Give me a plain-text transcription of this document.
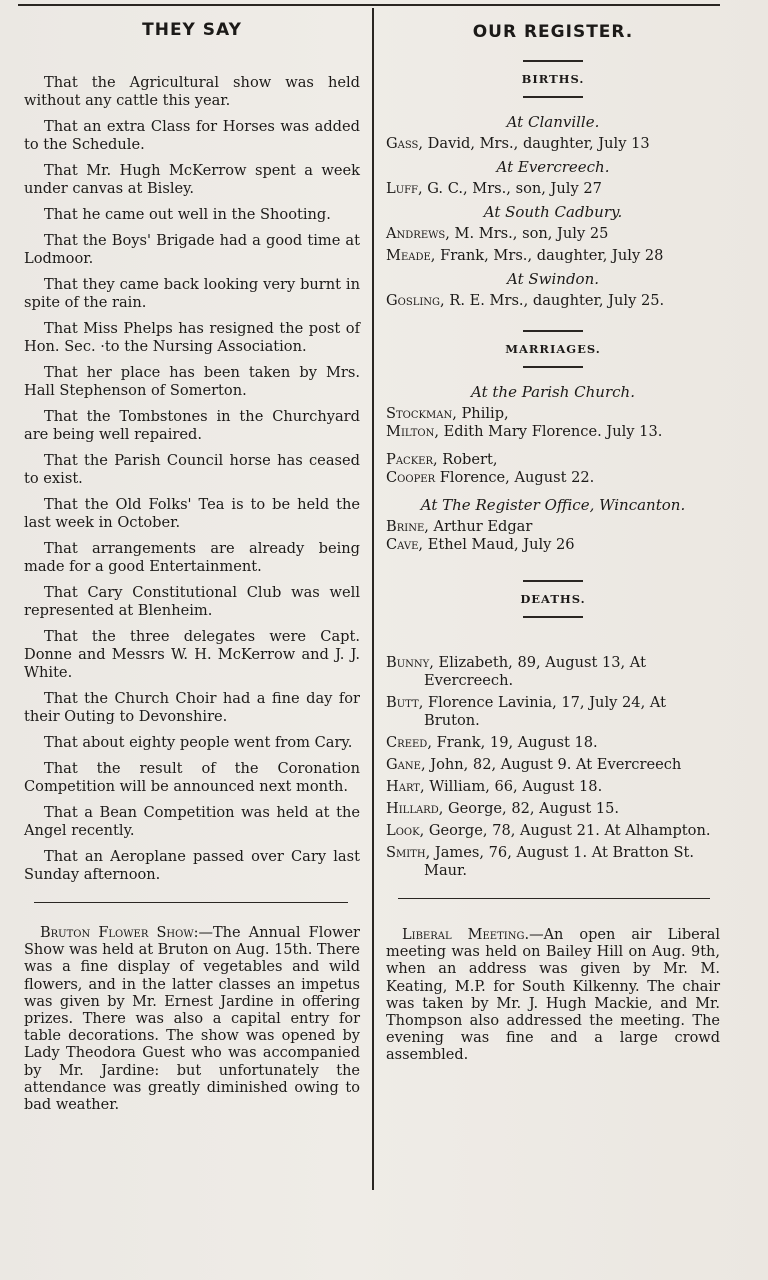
THEY SAY

That the Agricultural show was held without any cattle this year.

That an extra Class for Horses was added to the Schedule.

That Mr. Hugh McKerrow spent a week under canvas at Bisley.

That he came out well in the Shooting.

That the Boys' Brigade had a good time at Lodmoor.

That they came back looking very burnt in spite of the rain.

That Miss Phelps has resigned the post of Hon. Sec. ·to the Nursing Association.

That her place has been taken by Mrs. Hall Stephenson of Somerton.

That the Tombstones in the Churchyard are being well repaired.

That the Parish Council horse has ceased to exist.

That the Old Folks' Tea is to be held the last week in October.

That arrangements are already being made for a good Entertainment.

That Cary Constitutional Club was well represented at Blenheim.

That the three delegates were Capt. Donne and Messrs W. H. McKerrow and J. J. White.

That the Church Choir had a fine day for their Outing to Devonshire.

That about eighty people went from Cary.

That the result of the Coronation Competition will be announced next month.

That a Bean Competition was held at the Angel recently.

That an Aeroplane passed over Cary last Sunday afternoon.

Bruton Flower Show:—The Annual Flower Show was held at Bruton on Aug. 15th. There was a fine display of vegetables and wild flowers, and in the latter classes an impetus was given by Mr. Ernest Jardine in offering prizes. There was also a capital entry for table decorations. The show was opened by Lady Theodora Guest who was accompanied by Mr. Jardine: but unfortunately the attendance was greatly diminished owing to bad weather.

OUR REGISTER.

BIRTHS.

At Clanville.

Gass, David, Mrs., daughter, July 13

At Evercreech.

Luff, G. C., Mrs., son, July 27

At South Cadbury.

Andrews, M. Mrs., son, July 25

Meade, Frank, Mrs., daughter, July 28

At Swindon.

Gosling, R. E. Mrs., daughter, July 25.

MARRIAGES.

At the Parish Church.

Stockman, Philip,

Milton, Edith Mary Florence. July 13.

Packer, Robert,

Cooper Florence, August 22.

At The Register Office, Wincanton.

Brine, Arthur Edgar

Cave, Ethel Maud, July 26

DEATHS.

Bunny, Elizabeth, 89, August 13, At Evercreech.

Butt, Florence Lavinia, 17, July 24, At Bruton.

Creed, Frank, 19, August 18.

Gane, John, 82, August 9. At Evercreech

Hart, William, 66, August 18.

Hillard, George, 82, August 15.

Look, George, 78, August 21. At Alhampton.

Smith, James, 76, August 1. At Bratton St. Maur.

Liberal Meeting.—An open air Liberal meeting was held on Bailey Hill on Aug. 9th, when an address was given by Mr. M. Keating, M.P. for South Kilkenny. The chair was taken by Mr. J. Hugh Mackie, and Mr. Thompson also addressed the meeting. The evening was fine and a large crowd assembled.
